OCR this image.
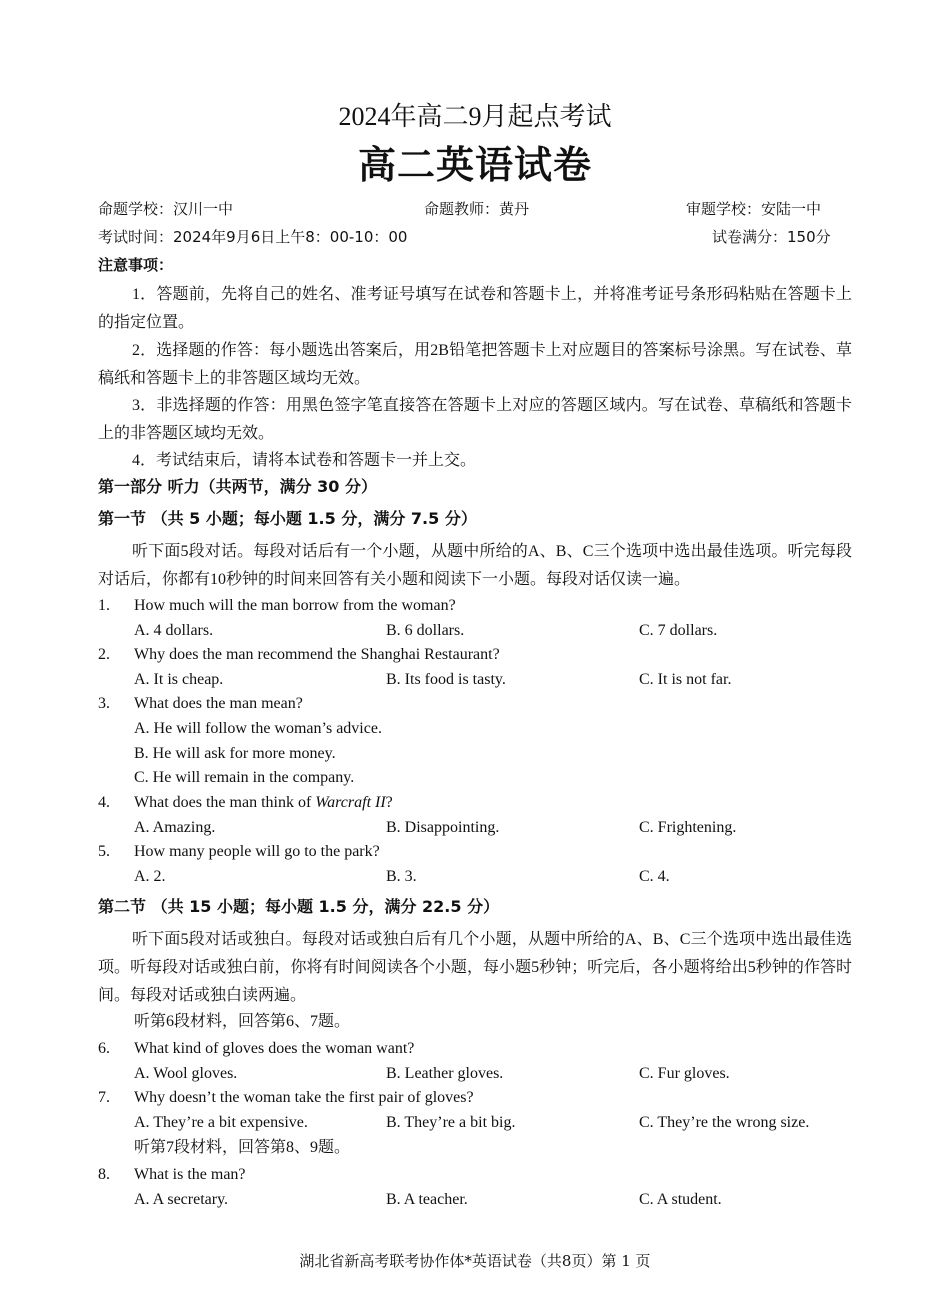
2024年高二9月起点考试
高二英语试卷
命题学校：汉川一中	命题教师：黄丹	审题学校：安陆一中
考试时间：2024年9月6日上午8：00-10：00	试卷满分：150分
注意事项：
1．答题前，先将自己的姓名、准考证号填写在试卷和答题卡上，并将准考证号条形码粘贴在答题卡上的指定位置。
2．选择题的作答：每小题选出答案后，用2B铅笔把答题卡上对应题目的答案标号涂黑。写在试卷、草稿纸和答题卡上的非答题区域均无效。
3．非选择题的作答：用黑色签字笔直接答在答题卡上对应的答题区域内。写在试卷、草稿纸和答题卡上的非答题区域均无效。
4．考试结束后，请将本试卷和答题卡一并上交。
第一部分 听力（共两节，满分 30 分）
第一节 （共 5 小题；每小题 1.5 分，满分 7.5 分）
听下面5段对话。每段对话后有一个小题，从题中所给的A、B、C三个选项中选出最佳选项。听完每段对话后，你都有10秒钟的时间来回答有关小题和阅读下一小题。每段对话仅读一遍。
1. How much will the man borrow from the woman?
A. 4 dollars.	B. 6 dollars.	C. 7 dollars.
2. Why does the man recommend the Shanghai Restaurant?
A. It is cheap.	B. Its food is tasty.	C. It is not far.
3. What does the man mean?
A. He will follow the woman’s advice.
B. He will ask for more money.
C. He will remain in the company.
4. What does the man think of Warcraft II?
A. Amazing.	B. Disappointing.	C. Frightening.
5. How many people will go to the park?
A. 2.	B. 3.	C. 4.
第二节 （共 15 小题；每小题 1.5 分，满分 22.5 分）
听下面5段对话或独白。每段对话或独白后有几个小题，从题中所给的A、B、C三个选项中选出最佳选项。听每段对话或独白前，你将有时间阅读各个小题，每小题5秒钟；听完后，各小题将给出5秒钟的作答时间。每段对话或独白读两遍。
听第6段材料，回答第6、7题。
6. What kind of gloves does the woman want?
A. Wool gloves.	B. Leather gloves.	C. Fur gloves.
7. Why doesn’t the woman take the first pair of gloves?
A. They’re a bit expensive.	B. They’re a bit big.	C. They’re the wrong size.
听第7段材料，回答第8、9题。
8. What is the man?
A. A secretary.	B. A teacher.	C. A student.
湖北省新高考联考协作体*英语试卷（共8页）第 1 页
